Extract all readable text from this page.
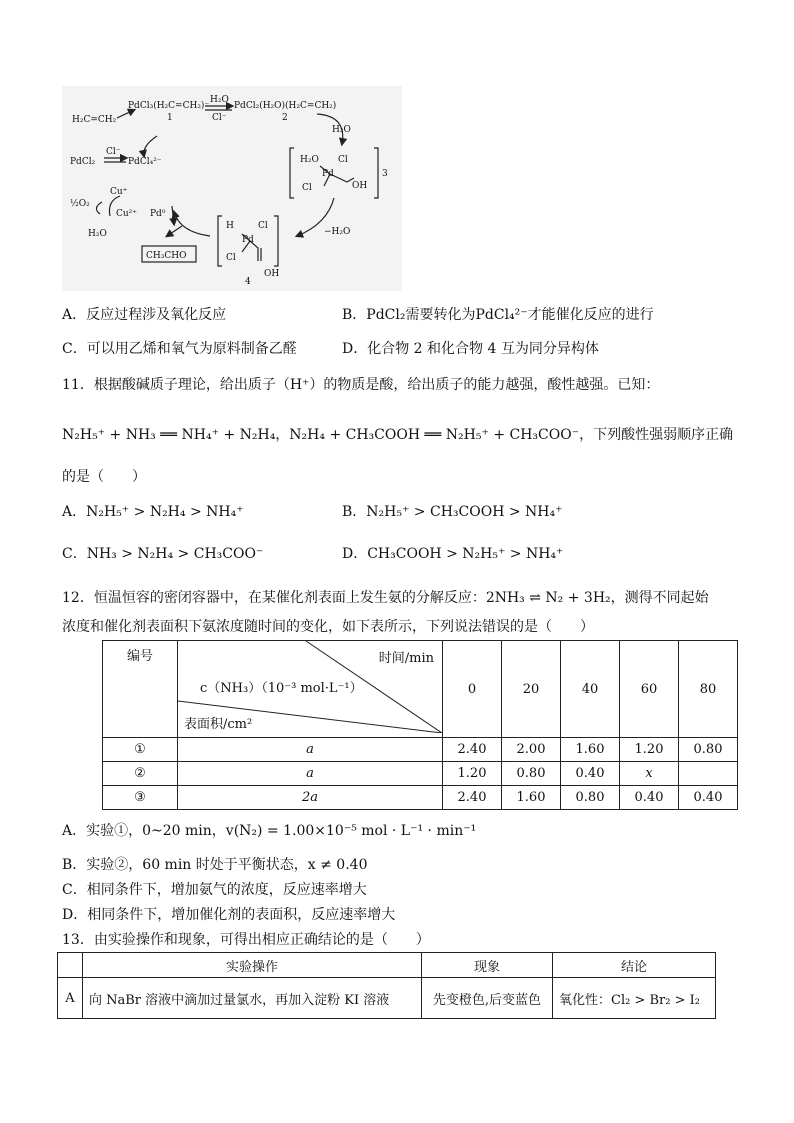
H₂C=CH₂
PdCl₃(H₂C=CH₂)⁻
1
H₂O
Cl⁻
PdCl₂(H₂O)(H₂C=CH₂)
2
H₂O
PdCl₂
Cl⁻
PdCl₄²⁻
½O₂
Cu⁺
Cu²⁺ Pd⁰
H₂O
H₂O Cl
Pd
Cl	OH
3
−H₂O
H	Cl
Pd
Cl
OH
4
CH₃CHO
A．反应过程涉及氧化反应	B．PdCl₂需要转化为PdCl₄²⁻才能催化反应的进行
C．可以用乙烯和氧气为原料制备乙醛	D．化合物 2 和化合物 4 互为同分异构体
11．根据酸碱质子理论，给出质子（H⁺）的物质是酸，给出质子的能力越强，酸性越强。已知：
N₂H₅⁺ + NH₃ ══ NH₄⁺ + N₂H₄，N₂H₄ + CH₃COOH ══ N₂H₅⁺ + CH₃COO⁻，下列酸性强弱顺序正确
的是（　　）
A．N₂H₅⁺ > N₂H₄ > NH₄⁺	B．N₂H₅⁺ > CH₃COOH > NH₄⁺
C．NH₃ > N₂H₄ > CH₃COO⁻	D．CH₃COOH > N₂H₅⁺ > NH₄⁺
12．恒温恒容的密闭容器中，在某催化剂表面上发生氨的分解反应：2NH₃ ⇌ N₂ + 3H₂，测得不同起始
浓度和催化剂表面积下氨浓度随时间的变化，如下表所示，下列说法错误的是（　　）
编号	时间/min
c（NH₃）（10⁻³ mol·L⁻¹）
表面积/cm²	0	20	40	60	80
①	a	2.40	2.00	1.60	1.20	0.80
②	a	1.20	0.80	0.40	x	
③	2a	2.40	1.60	0.80	0.40	0.40
A．实验①，0~20 min，v(N₂) = 1.00×10⁻⁵ mol · L⁻¹ · min⁻¹
B．实验②，60 min 时处于平衡状态，x ≠ 0.40
C．相同条件下，增加氨气的浓度，反应速率增大
D．相同条件下，增加催化剂的表面积，反应速率增大
13．由实验操作和现象，可得出相应正确结论的是（　　）
	实验操作	现象	结论
A	向 NaBr 溶液中滴加过量氯水，再加入淀粉 KI 溶液	先变橙色,后变蓝色	氧化性：Cl₂ > Br₂ > I₂
